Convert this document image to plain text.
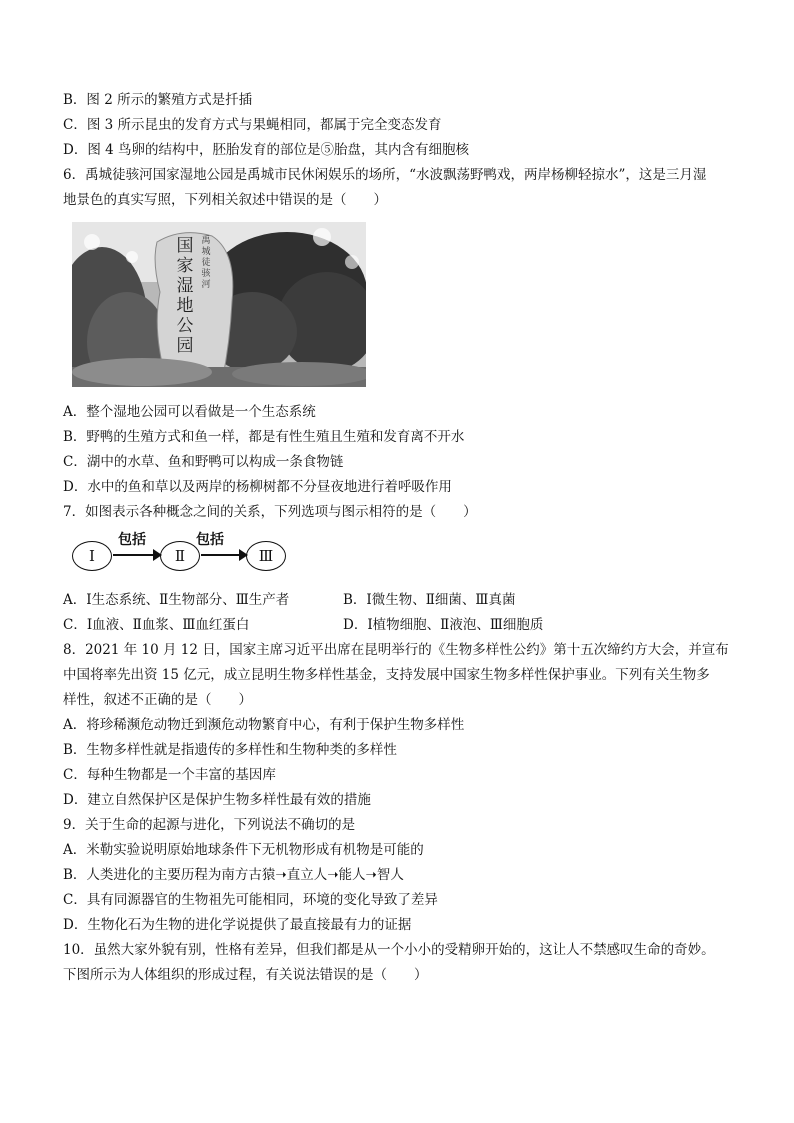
B．图 2 所示的繁殖方式是扦插
C．图 3 所示昆虫的发育方式与果蝇相同，都属于完全变态发育
D．图 4 鸟卵的结构中，胚胎发育的部位是⑤胎盘，其内含有细胞核
6．禹城徒骇河国家湿地公园是禹城市民休闲娱乐的场所，“水波飘荡野鸭戏，两岸杨柳轻掠水”，这是三月湿
地景色的真实写照，下列相关叙述中错误的是（　　）
国家湿地公园
禹城徒骇河
A．整个湿地公园可以看做是一个生态系统
B．野鸭的生殖方式和鱼一样，都是有性生殖且生殖和发育离不开水
C．湖中的水草、鱼和野鸭可以构成一条食物链
D．水中的鱼和草以及两岸的杨柳树都不分昼夜地进行着呼吸作用
7．如图表示各种概念之间的关系，下列选项与图示相符的是（　　）
Ⅰ
包括
Ⅱ
包括
Ⅲ
A．Ⅰ生态系统、Ⅱ生物部分、Ⅲ生产者	B．Ⅰ微生物、Ⅱ细菌、Ⅲ真菌
C．Ⅰ血液、Ⅱ血浆、Ⅲ血红蛋白	D．Ⅰ植物细胞、Ⅱ液泡、Ⅲ细胞质
8．2021 年 10 月 12 日，国家主席习近平出席在昆明举行的《生物多样性公约》第十五次缔约方大会，并宣布
中国将率先出资 15 亿元，成立昆明生物多样性基金，支持发展中国家生物多样性保护事业。下列有关生物多
样性，叙述不正确的是（　　）
A．将珍稀濒危动物迁到濒危动物繁育中心，有利于保护生物多样性
B．生物多样性就是指遗传的多样性和生物种类的多样性
C．每种生物都是一个丰富的基因库
D．建立自然保护区是保护生物多样性最有效的措施
9．关于生命的起源与进化，下列说法不确切的是
A．米勒实验说明原始地球条件下无机物形成有机物是可能的
B．人类进化的主要历程为南方古猿➝直立人➝能人➝智人
C．具有同源器官的生物祖先可能相同，环境的变化导致了差异
D．生物化石为生物的进化学说提供了最直接最有力的证据
10．虽然大家外貌有别，性格有差异，但我们都是从一个小小的受精卵开始的，这让人不禁感叹生命的奇妙。
下图所示为人体组织的形成过程，有关说法错误的是（　　）
